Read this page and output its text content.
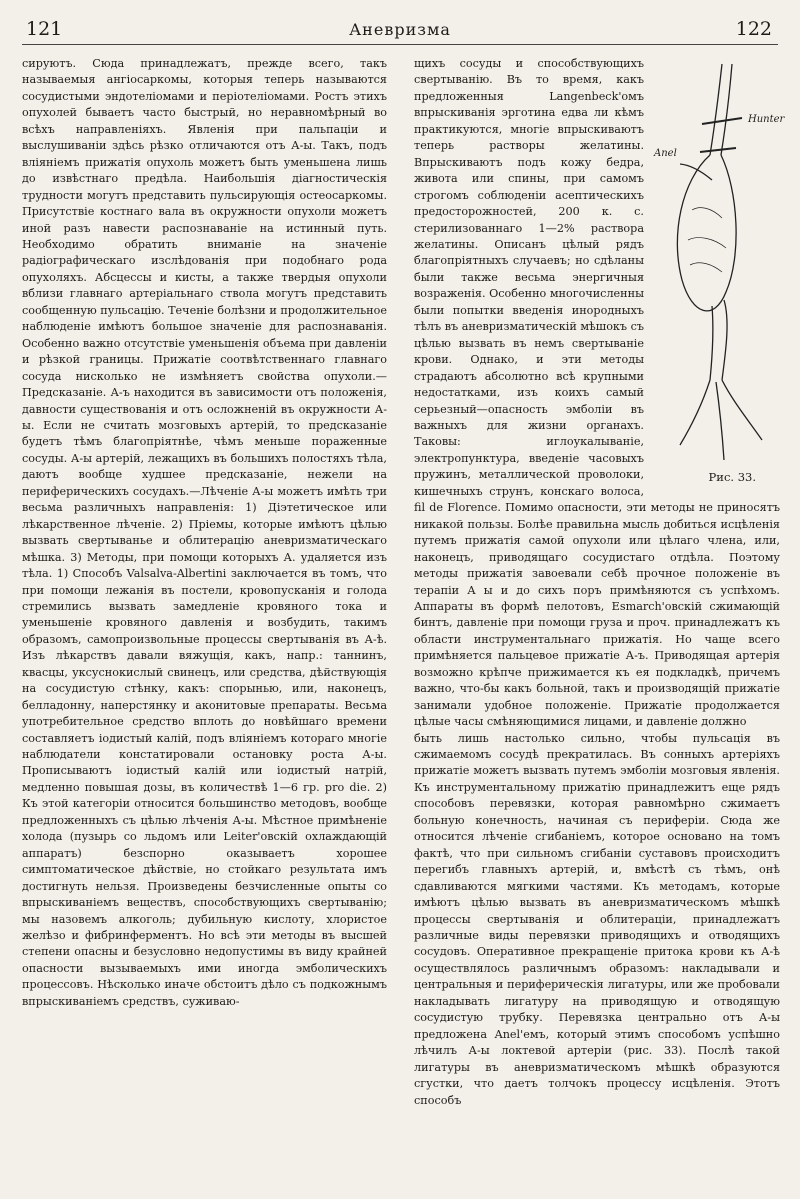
121	Аневризма	122

сируютъ. Сюда принадлежатъ, прежде всего, такъ называемыя ангіосаркомы, которыя теперь называются сосудистыми эндотеліомами и періотеліомами. Ростъ этихъ опухолей бываетъ часто быстрый, но неравномѣрный во всѣхъ направленіяхъ. Явленія при пальпаціи и выслушиваніи здѣсь рѣзко отличаются отъ А-ы. Такъ, подъ вліяніемъ прижатія опухоль можетъ быть уменьшена лишь до извѣстнаго предѣла. Наибольшія діагностическія трудности могутъ представить пульсирующія остеосаркомы. Присутствіе костнаго вала въ окружности опухоли можетъ иной разъ навести распознаваніе на истинный путь. Необходимо обратить вниманіе на значеніе радіографическаго изслѣдованія при подобнаго рода опухоляхъ. Абсцессы и кисты, а также твердыя опухоли вблизи главнаго артеріальнаго ствола могутъ представить сообщенную пульсацію. Теченіе болѣзни и продолжительное наблюденіе имѣютъ большое значеніе для распознаванія. Особенно важно отсутствіе уменьшенія объема при давленіи и рѣзкой границы. Прижатіе соотвѣтственнаго главнаго сосуда нисколько не измѣняетъ свойства опухоли.—Предсказаніе. А-ъ находится въ зависимости отъ положенія, давности существованія и отъ осложненій въ окружности А-ы. Если не считать мозговыхъ артерій, то предсказаніе будетъ тѣмъ благопріятнѣе, чѣмъ меньше пораженные сосуды. А-ы артерій, лежащихъ въ большихъ полостяхъ тѣла, даютъ вообще худшее предсказаніе, нежели на периферическихъ сосудахъ.—Лѣченіе А-ы можетъ имѣть три весьма различныхъ направленія: 1) Діэтетическое или лѣкарственное лѣченіе. 2) Пріемы, которые имѣютъ цѣлью вызвать свертыванье и облитерацію аневризматическаго мѣшка. 3) Методы, при помощи которыхъ А. удаляется изъ тѣла. 1) Способъ Valsalva-Albertini заключается въ томъ, что при помощи лежанія въ постели, кровопусканія и голода стремились вызвать замедленіе кровяного тока и уменьшеніе кровяного давленія и возбудить, такимъ образомъ, самопроизвольные процессы свертыванія въ А-ѣ. Изъ лѣкарствъ давали вяжущія, какъ, напр.: таннинъ, квасцы, уксуснокислый свинецъ, или средства, дѣйствующія на сосудистую стѣнку, какъ: спорынью, или, наконецъ, белладонну, наперстянку и аконитовые препараты. Весьма употребительное средство вплоть до новѣйшаго времени составляетъ іодистый калій, подъ вліяніемъ котораго многіе наблюдатели констатировали остановку роста А-ы. Прописываютъ іодистый калій или іодистый натрій, медленно повышая дозы, въ количествѣ 1—6 гр. pro die. 2) Къ этой категоріи относится большинство методовъ, вообще предложенныхъ съ цѣлью лѣченія А-ы. Мѣстное примѣненіе холода (пузырь со льдомъ или Leiter'овскій охлаждающій аппаратъ) безспорно оказываетъ хорошее симптоматическое дѣйствіе, но стойкаго результата имъ достигнуть нельзя. Произведены безчисленные опыты со впрыскиваніемъ веществъ, способствующихъ свертыванію; мы назовемъ алкоголь; дубильную кислоту, хлористое желѣзо и фибринферментъ. Но всѣ эти методы въ высшей степени опасны и безусловно недопустимы въ виду крайней опасности вызываемыхъ ими иногда эмболическихъ процессовъ. Нѣсколько иначе обстоитъ дѣло съ подкожнымъ впрыскиваніемъ средствъ, суживаю-

Hunter
Anel
Рис. 33.

щихъ сосуды и способствующихъ свертыванію. Въ то время, какъ предложенныя Langenbeck'омъ впрыскиванія эрготина едва ли кѣмъ практикуются, многіе впрыскиваютъ теперь растворы желатины. Впрыскиваютъ подъ кожу бедра, живота или спины, при самомъ строгомъ соблюденіи асептическихъ предосторожностей, 200 к. с. стерилизованнаго 1—2% раствора желатины. Описанъ цѣлый рядъ благопріятныхъ случаевъ; но сдѣланы были также весьма энергичныя возраженія. Особенно многочисленны были попытки введенія инородныхъ тѣлъ въ аневризматическій мѣшокъ съ цѣлью вызвать въ немъ свертываніе крови. Однако, и эти методы страдаютъ абсолютно всѣ крупными недостатками, изъ коихъ самый серьезный—опасность эмболіи въ важныхъ для жизни органахъ. Таковы: иглоукалываніе, электропунктура, введеніе часовыхъ пружинъ, металлической проволоки, кишечныхъ струнъ, конскаго волоса, fil de Florence. Помимо опасности, эти методы не приносятъ никакой пользы. Болѣе правильна мысль добиться исцѣленія путемъ прижатія самой опухоли или цѣлаго члена, или, наконецъ, приводящаго сосудистаго отдѣла. Поэтому методы прижатія завоевали себѣ прочное положеніе въ терапіи А ы и до сихъ поръ примѣняются съ успѣхомъ. Аппараты въ формѣ пелотовъ, Esmarch'овскій сжимающій бинтъ, давленіе при помощи груза и проч. принадлежатъ къ области инструментальнаго прижатія. Но чаще всего примѣняется пальцевое прижатіе А-ъ. Приводящая артерія возможно крѣпче прижимается къ ея подкладкѣ, причемъ важно, что-бы какъ больной, такъ и производящій прижатіе занимали удобное положеніе. Прижатіе продолжается цѣлые часы смѣняющимися лицами, и давленіе должно

быть лишь настолько сильно, чтобы пульсація въ сжимаемомъ сосудѣ прекратилась. Въ сонныхъ артеріяхъ прижатіе можетъ вызвать путемъ эмболіи мозговыя явленія. Къ инструментальному прижатію принадлежитъ еще рядъ способовъ перевязки, которая равномѣрно сжимаетъ больную конечность, начиная съ периферіи. Сюда же относится лѣченіе сгибаніемъ, которое основано на томъ фактѣ, что при сильномъ сгибаніи суставовъ происходитъ перегибъ главныхъ артерій, и, вмѣстѣ съ тѣмъ, онѣ сдавливаются мягкими частями. Къ методамъ, которые имѣютъ цѣлью вызвать въ аневризматическомъ мѣшкѣ процессы свертыванія и облитераціи, принадлежатъ различные виды перевязки приводящихъ и отводящихъ сосудовъ. Оперативное прекращеніе притока крови къ А-ѣ осуществлялось различнымъ образомъ: накладывали и центральныя и периферическія лигатуры, или же пробовали накладывать лигатуру на приводящую и отводящую сосудистую трубку. Перевязка центрально отъ А-ы предложена Anel'емъ, который этимъ способомъ успѣшно лѣчилъ А-ы локтевой артеріи (рис. 33). Послѣ такой лигатуры въ аневризматическомъ мѣшкѣ образуются сгустки, что даетъ толчокъ процессу исцѣленія. Этотъ способъ
